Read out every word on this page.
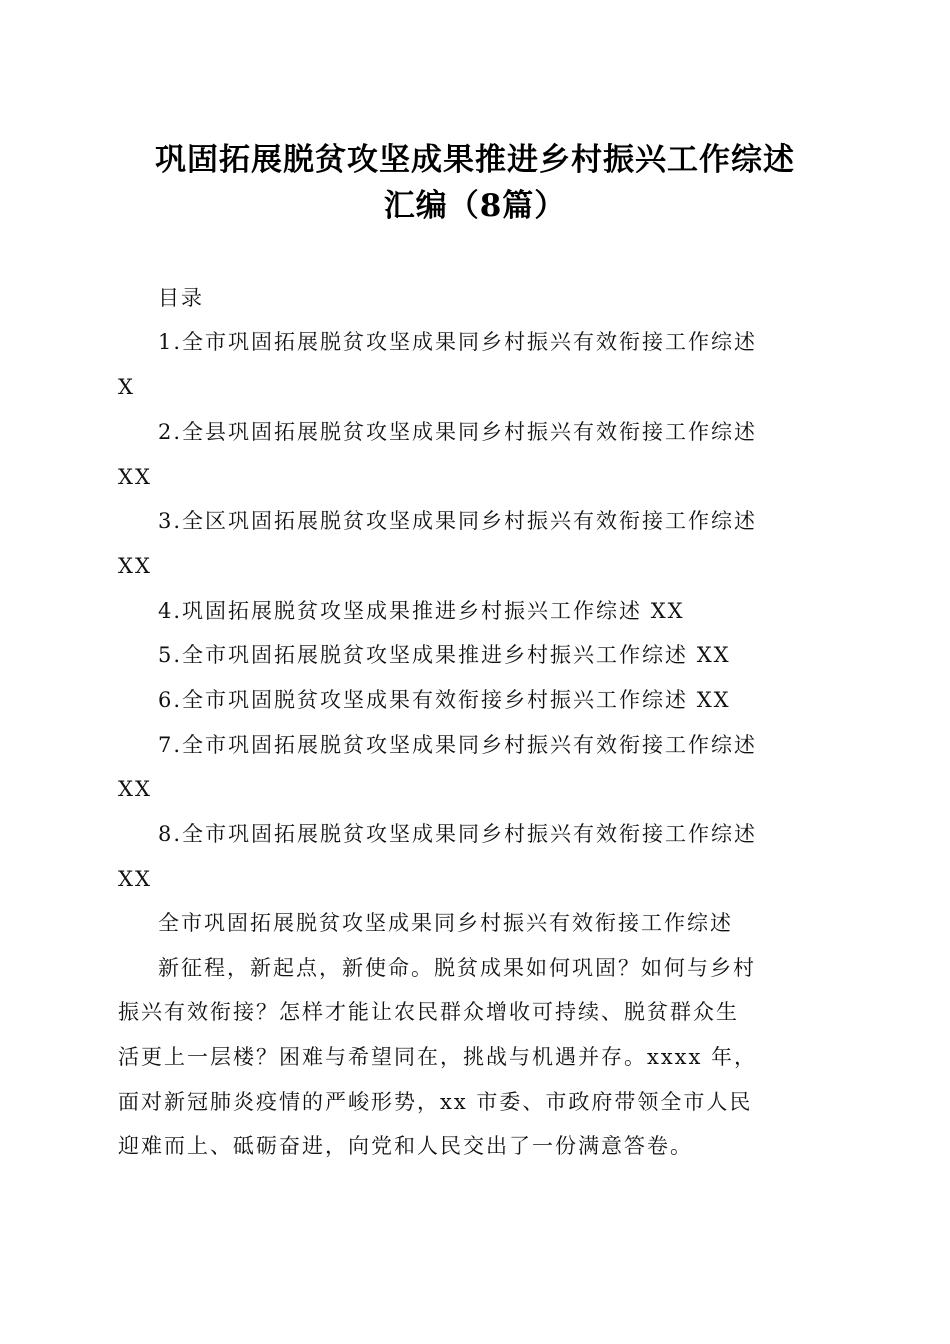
巩固拓展脱贫攻坚成果推进乡村振兴工作综述
汇编（8篇）
目录
1.全市巩固拓展脱贫攻坚成果同乡村振兴有效衔接工作综述
X
2.全县巩固拓展脱贫攻坚成果同乡村振兴有效衔接工作综述
XX
3.全区巩固拓展脱贫攻坚成果同乡村振兴有效衔接工作综述
XX
4.巩固拓展脱贫攻坚成果推进乡村振兴工作综述 XX
5.全市巩固拓展脱贫攻坚成果推进乡村振兴工作综述 XX
6.全市巩固脱贫攻坚成果有效衔接乡村振兴工作综述 XX
7.全市巩固拓展脱贫攻坚成果同乡村振兴有效衔接工作综述
XX
8.全市巩固拓展脱贫攻坚成果同乡村振兴有效衔接工作综述
XX
全市巩固拓展脱贫攻坚成果同乡村振兴有效衔接工作综述
新征程，新起点，新使命。脱贫成果如何巩固？如何与乡村
振兴有效衔接？怎样才能让农民群众增收可持续、脱贫群众生
活更上一层楼？困难与希望同在，挑战与机遇并存。xxxx 年，
面对新冠肺炎疫情的严峻形势，xx 市委、市政府带领全市人民
迎难而上、砥砺奋进，向党和人民交出了一份满意答卷。
